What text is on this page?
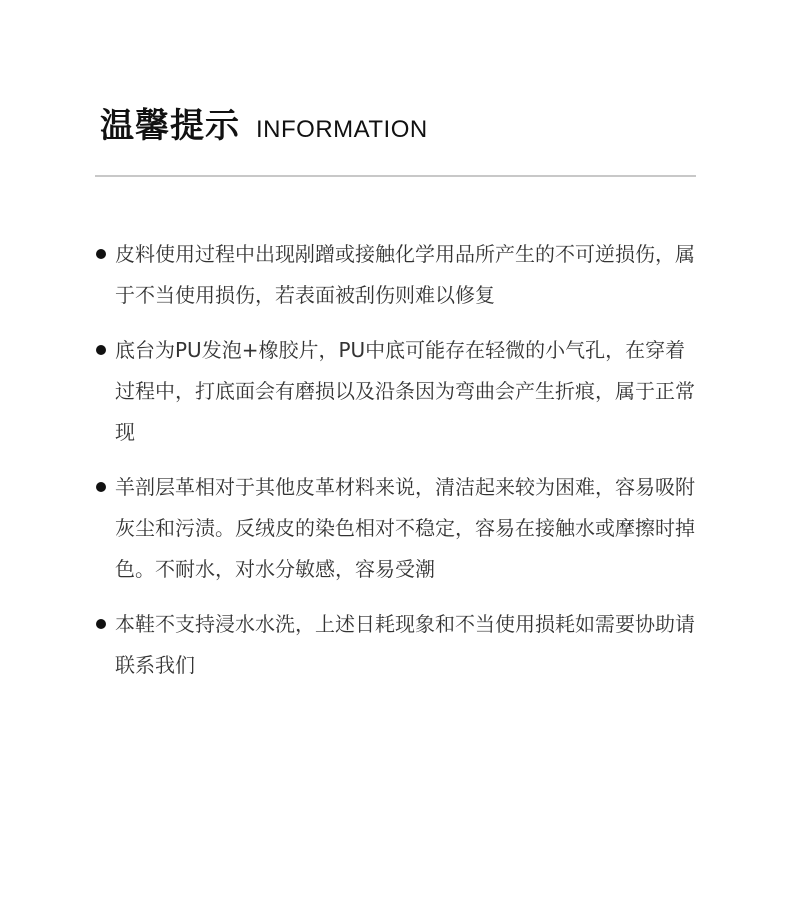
温馨提示 INFORMATION
皮料使用过程中出现剐蹭或接触化学用品所产生的不可逆损伤，属于不当使用损伤，若表面被刮伤则难以修复
底台为PU发泡+橡胶片，PU中底可能存在轻微的小气孔，在穿着过程中，打底面会有磨损以及沿条因为弯曲会产生折痕，属于正常现
羊剖层革相对于其他皮革材料来说，清洁起来较为困难，容易吸附灰尘和污渍。反绒皮的染色相对不稳定，容易在接触水或摩擦时掉色。不耐水，对水分敏感，容易受潮
本鞋不支持浸水水洗，上述日耗现象和不当使用损耗如需要协助请联系我们
